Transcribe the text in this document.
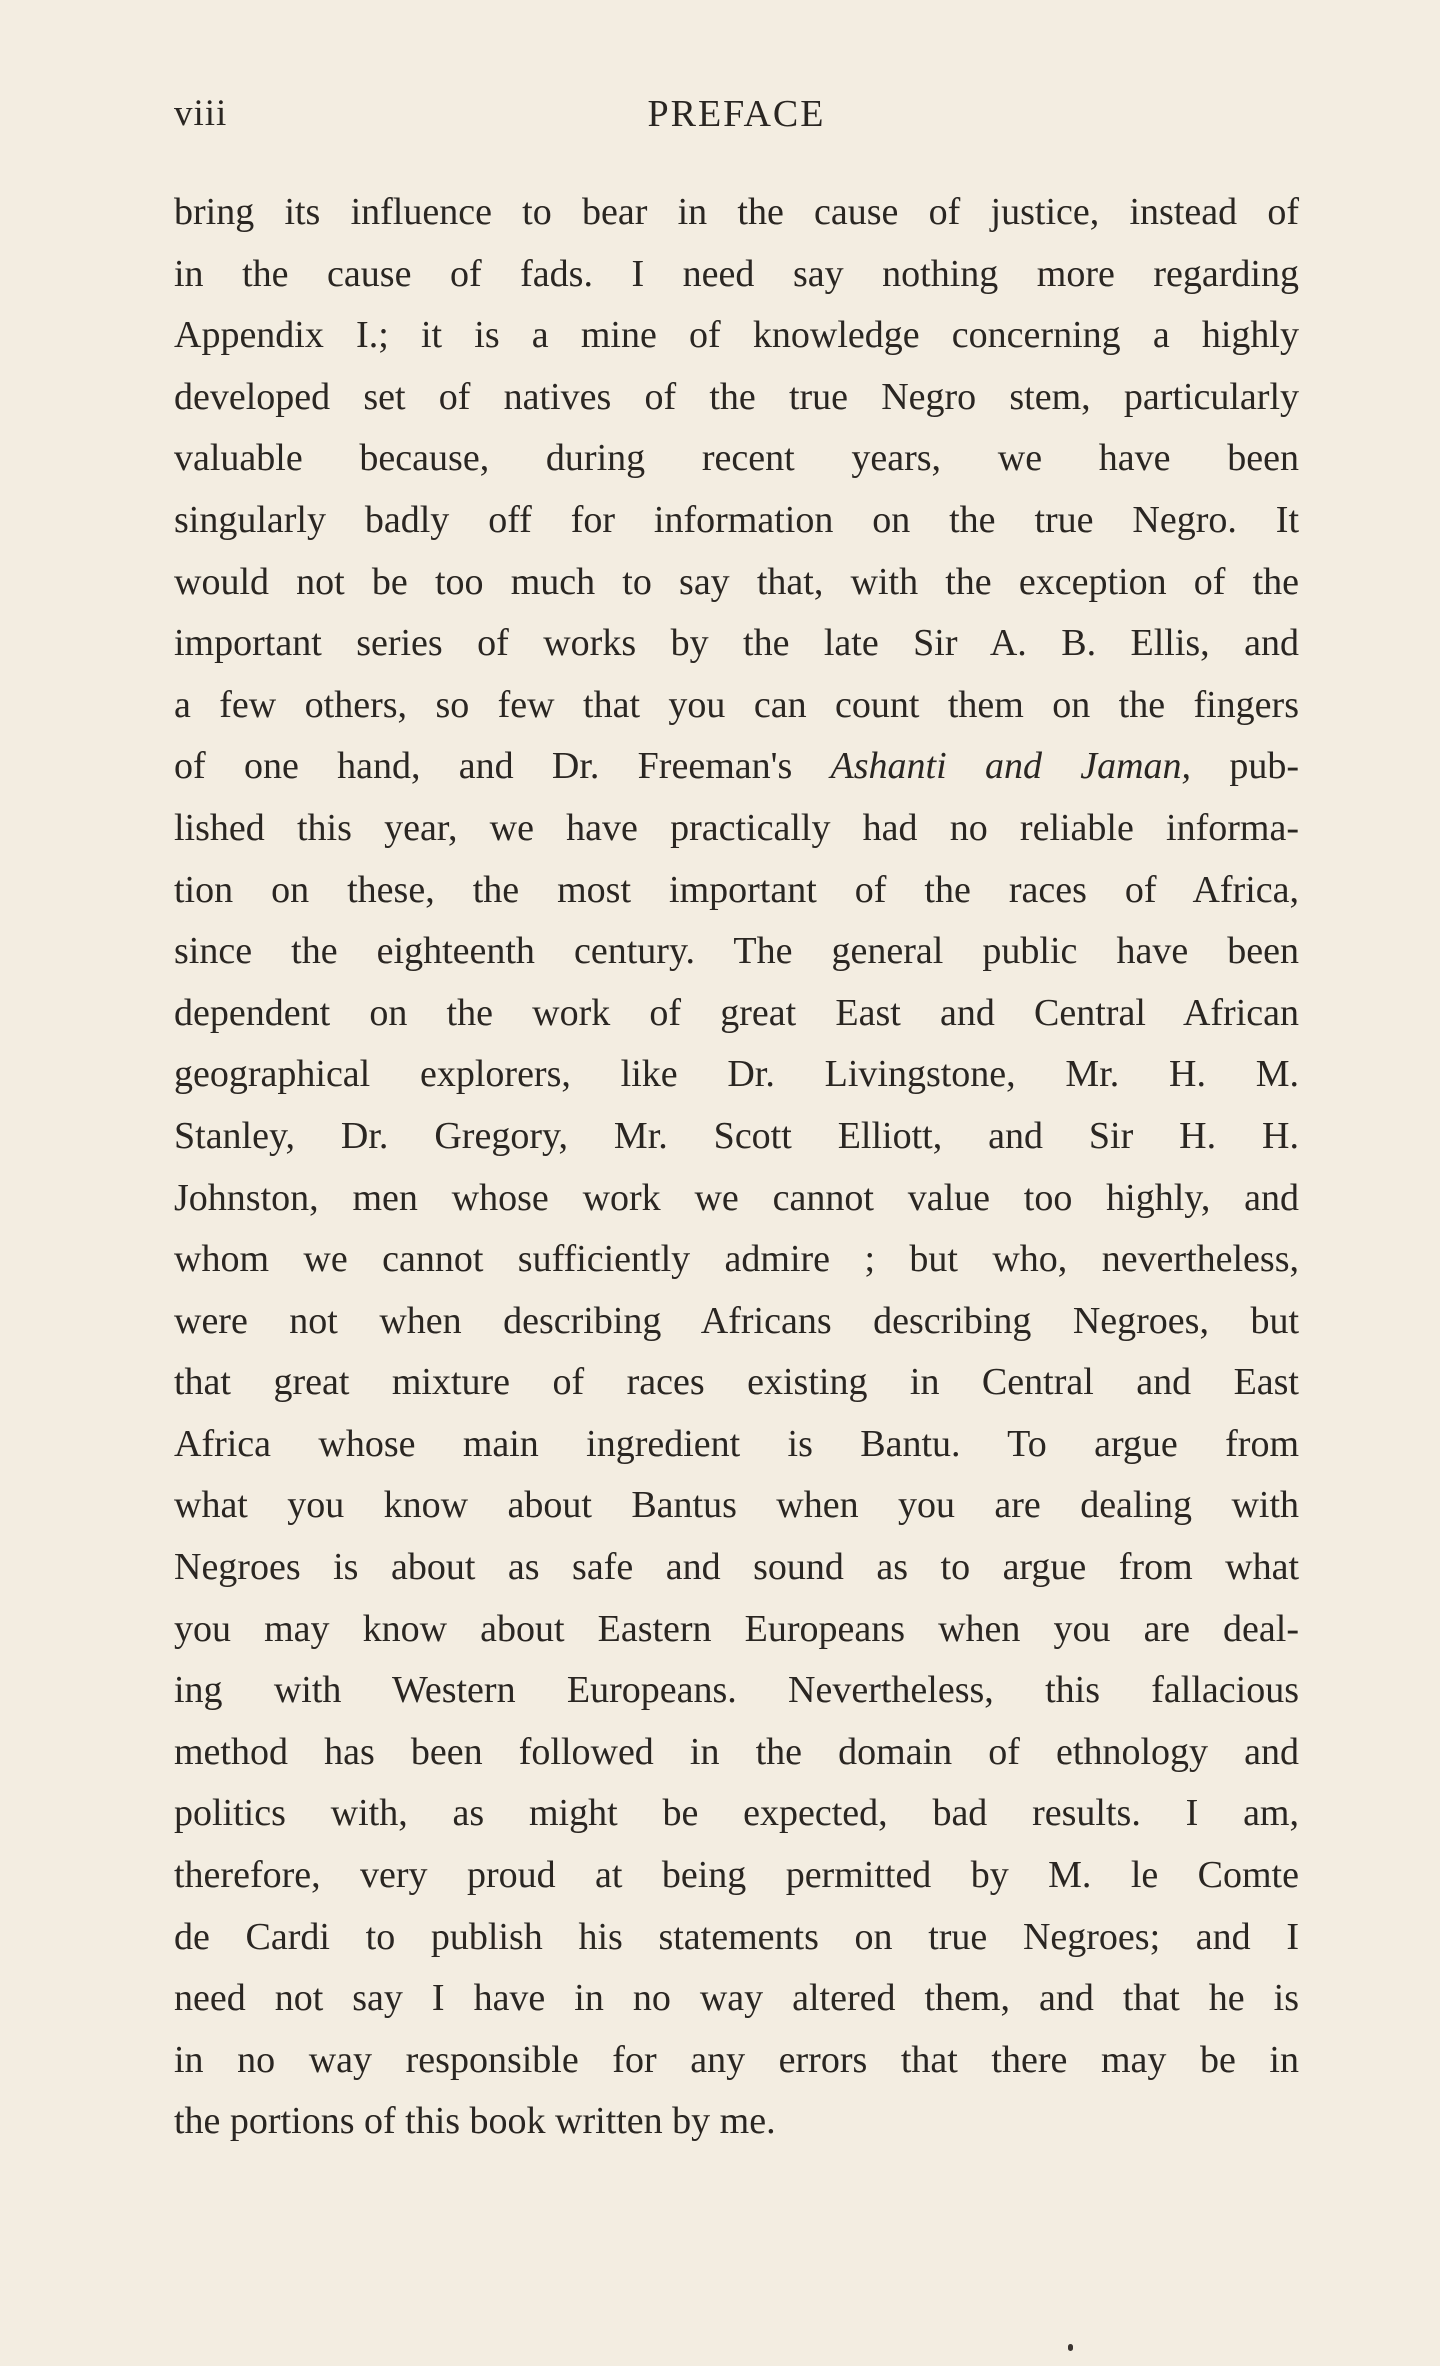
viii	PREFACE
bring its influence to bear in the cause of justice, instead of
in the cause of fads. I need say nothing more regarding
Appendix I.; it is a mine of knowledge concerning a highly
developed set of natives of the true Negro stem, particularly
valuable because, during recent years, we have been
singularly badly off for information on the true Negro. It
would not be too much to say that, with the exception of the
important series of works by the late Sir A. B. Ellis, and
a few others, so few that you can count them on the fingers
of one hand, and Dr. Freeman's Ashanti and Jaman, pub-
lished this year, we have practically had no reliable informa-
tion on these, the most important of the races of Africa,
since the eighteenth century. The general public have been
dependent on the work of great East and Central African
geographical explorers, like Dr. Livingstone, Mr. H. M.
Stanley, Dr. Gregory, Mr. Scott Elliott, and Sir H. H.
Johnston, men whose work we cannot value too highly, and
whom we cannot sufficiently admire ; but who, nevertheless,
were not when describing Africans describing Negroes, but
that great mixture of races existing in Central and East
Africa whose main ingredient is Bantu. To argue from
what you know about Bantus when you are dealing with
Negroes is about as safe and sound as to argue from what
you may know about Eastern Europeans when you are deal-
ing with Western Europeans. Nevertheless, this fallacious
method has been followed in the domain of ethnology and
politics with, as might be expected, bad results. I am,
therefore, very proud at being permitted by M. le Comte
de Cardi to publish his statements on true Negroes; and I
need not say I have in no way altered them, and that he is
in no way responsible for any errors that there may be in
the portions of this book written by me.
